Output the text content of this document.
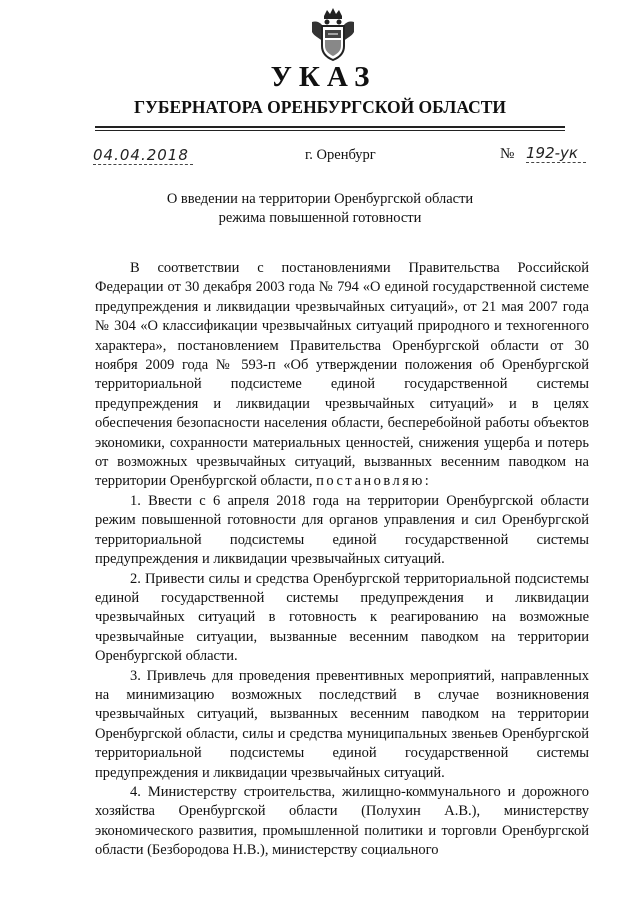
УКАЗ
ГУБЕРНАТОРА ОРЕНБУРГСКОЙ ОБЛАСТИ
04.04.2018	г. Оренбург	№ 192-ук
О введении на территории Оренбургской области
режима повышенной готовности

В соответствии с постановлениями Правительства Российской Федерации от 30 декабря 2003 года № 794 «О единой государственной системе предупреждения и ликвидации чрезвычайных ситуаций», от 21 мая 2007 года № 304 «О классификации чрезвычайных ситуаций природного и техногенного характера», постановлением Правительства Оренбургской области от 30 ноября 2009 года № 593-п «Об утверждении положения об Оренбургской территориальной подсистеме единой государственной системы предупреждения и ликвидации чрезвычайных ситуаций» и в целях обеспечения безопасности населения области, бесперебойной работы объектов экономики, сохранности материальных ценностей, снижения ущерба и потерь от возможных чрезвычайных ситуаций, вызванных весенним паводком на территории Оренбургской области, постановляю:

1. Ввести с 6 апреля 2018 года на территории Оренбургской области режим повышенной готовности для органов управления и сил Оренбургской территориальной подсистемы единой государственной системы предупреждения и ликвидации чрезвычайных ситуаций.

2. Привести силы и средства Оренбургской территориальной подсистемы единой государственной системы предупреждения и ликвидации чрезвычайных ситуаций в готовность к реагированию на возможные чрезвычайные ситуации, вызванные весенним паводком на территории Оренбургской области.

3. Привлечь для проведения превентивных мероприятий, направленных на минимизацию возможных последствий в случае возникновения чрезвычайных ситуаций, вызванных весенним паводком на территории Оренбургской области, силы и средства муниципальных звеньев Оренбургской территориальной подсистемы единой государственной системы предупреждения и ликвидации чрезвычайных ситуаций.

4. Министерству строительства, жилищно-коммунального и дорожного хозяйства Оренбургской области (Полухин А.В.), министерству экономического развития, промышленной политики и торговли Оренбургской области (Безбородова Н.В.), министерству социального
